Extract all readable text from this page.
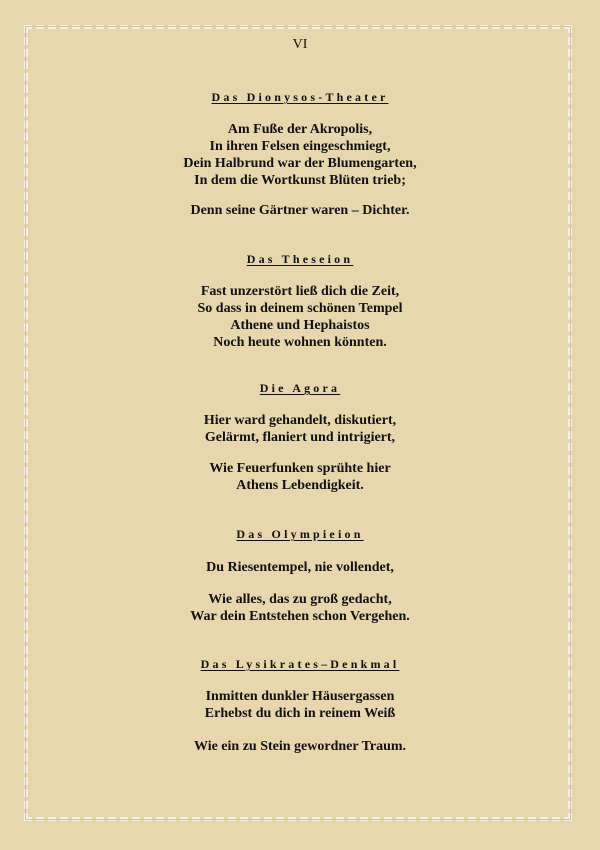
VI
Das Dionysos-Theater
Am Fuße der Akropolis,
In ihren Felsen eingeschmiegt,
Dein Halbrund war der Blumengarten,
In dem die Wortkunst Blüten trieb;
Denn seine Gärtner waren – Dichter.
Das Theseion
Fast unzerstört ließ dich die Zeit,
So dass in deinem schönen Tempel
Athene und Hephaistos
Noch heute wohnen könnten.
Die Agora
Hier ward gehandelt, diskutiert,
Gelärmt, flaniert und intrigiert,
Wie Feuerfunken sprühte hier
Athens Lebendigkeit.
Das Olympieion
Du Riesentempel, nie vollendet,
Wie alles, das zu groß gedacht,
War dein Entstehen schon Vergehen.
Das Lysikrates–Denkmal
Inmitten dunkler Häusergassen
Erhebst du dich in reinem Weiß
Wie ein zu Stein gewordner Traum.
